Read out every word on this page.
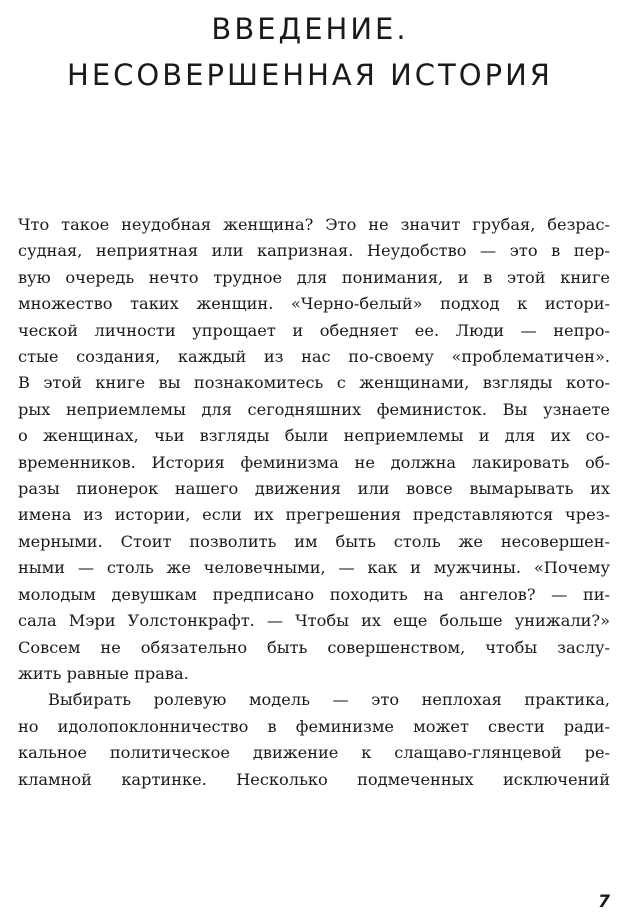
ВВЕДЕНИЕ.
НЕСОВЕРШЕННАЯ ИСТОРИЯ
Что такое неудобная женщина? Это не значит грубая, безрас-
судная, неприятная или капризная. Неудобство — это в пер-
вую очередь нечто трудное для понимания, и в этой книге
множество таких женщин. «Черно-белый» подход к истори-
ческой личности упрощает и обедняет ее. Люди — непро-
стые создания, каждый из нас по-своему «проблематичен».
В этой книге вы познакомитесь с женщинами, взгляды кото-
рых неприемлемы для сегодняшних феминисток. Вы узнаете
о женщинах, чьи взгляды были неприемлемы и для их со-
временников. История феминизма не должна лакировать об-
разы пионерок нашего движения или вовсе вымарывать их
имена из истории, если их прегрешения представляются чрез-
мерными. Стоит позволить им быть столь же несовершен-
ными — столь же человечными, — как и мужчины. «Почему
молодым девушкам предписано походить на ангелов? — пи-
сала Мэри Уолстонкрафт. — Чтобы их еще больше унижали?»
Совсем не обязательно быть совершенством, чтобы заслу-
жить равные права.
Выбирать ролевую модель — это неплохая практика,
но идолопоклонничество в феминизме может свести ради-
кальное политическое движение к слащаво-глянцевой ре-
кламной картинке. Несколько подмеченных исключений
7
